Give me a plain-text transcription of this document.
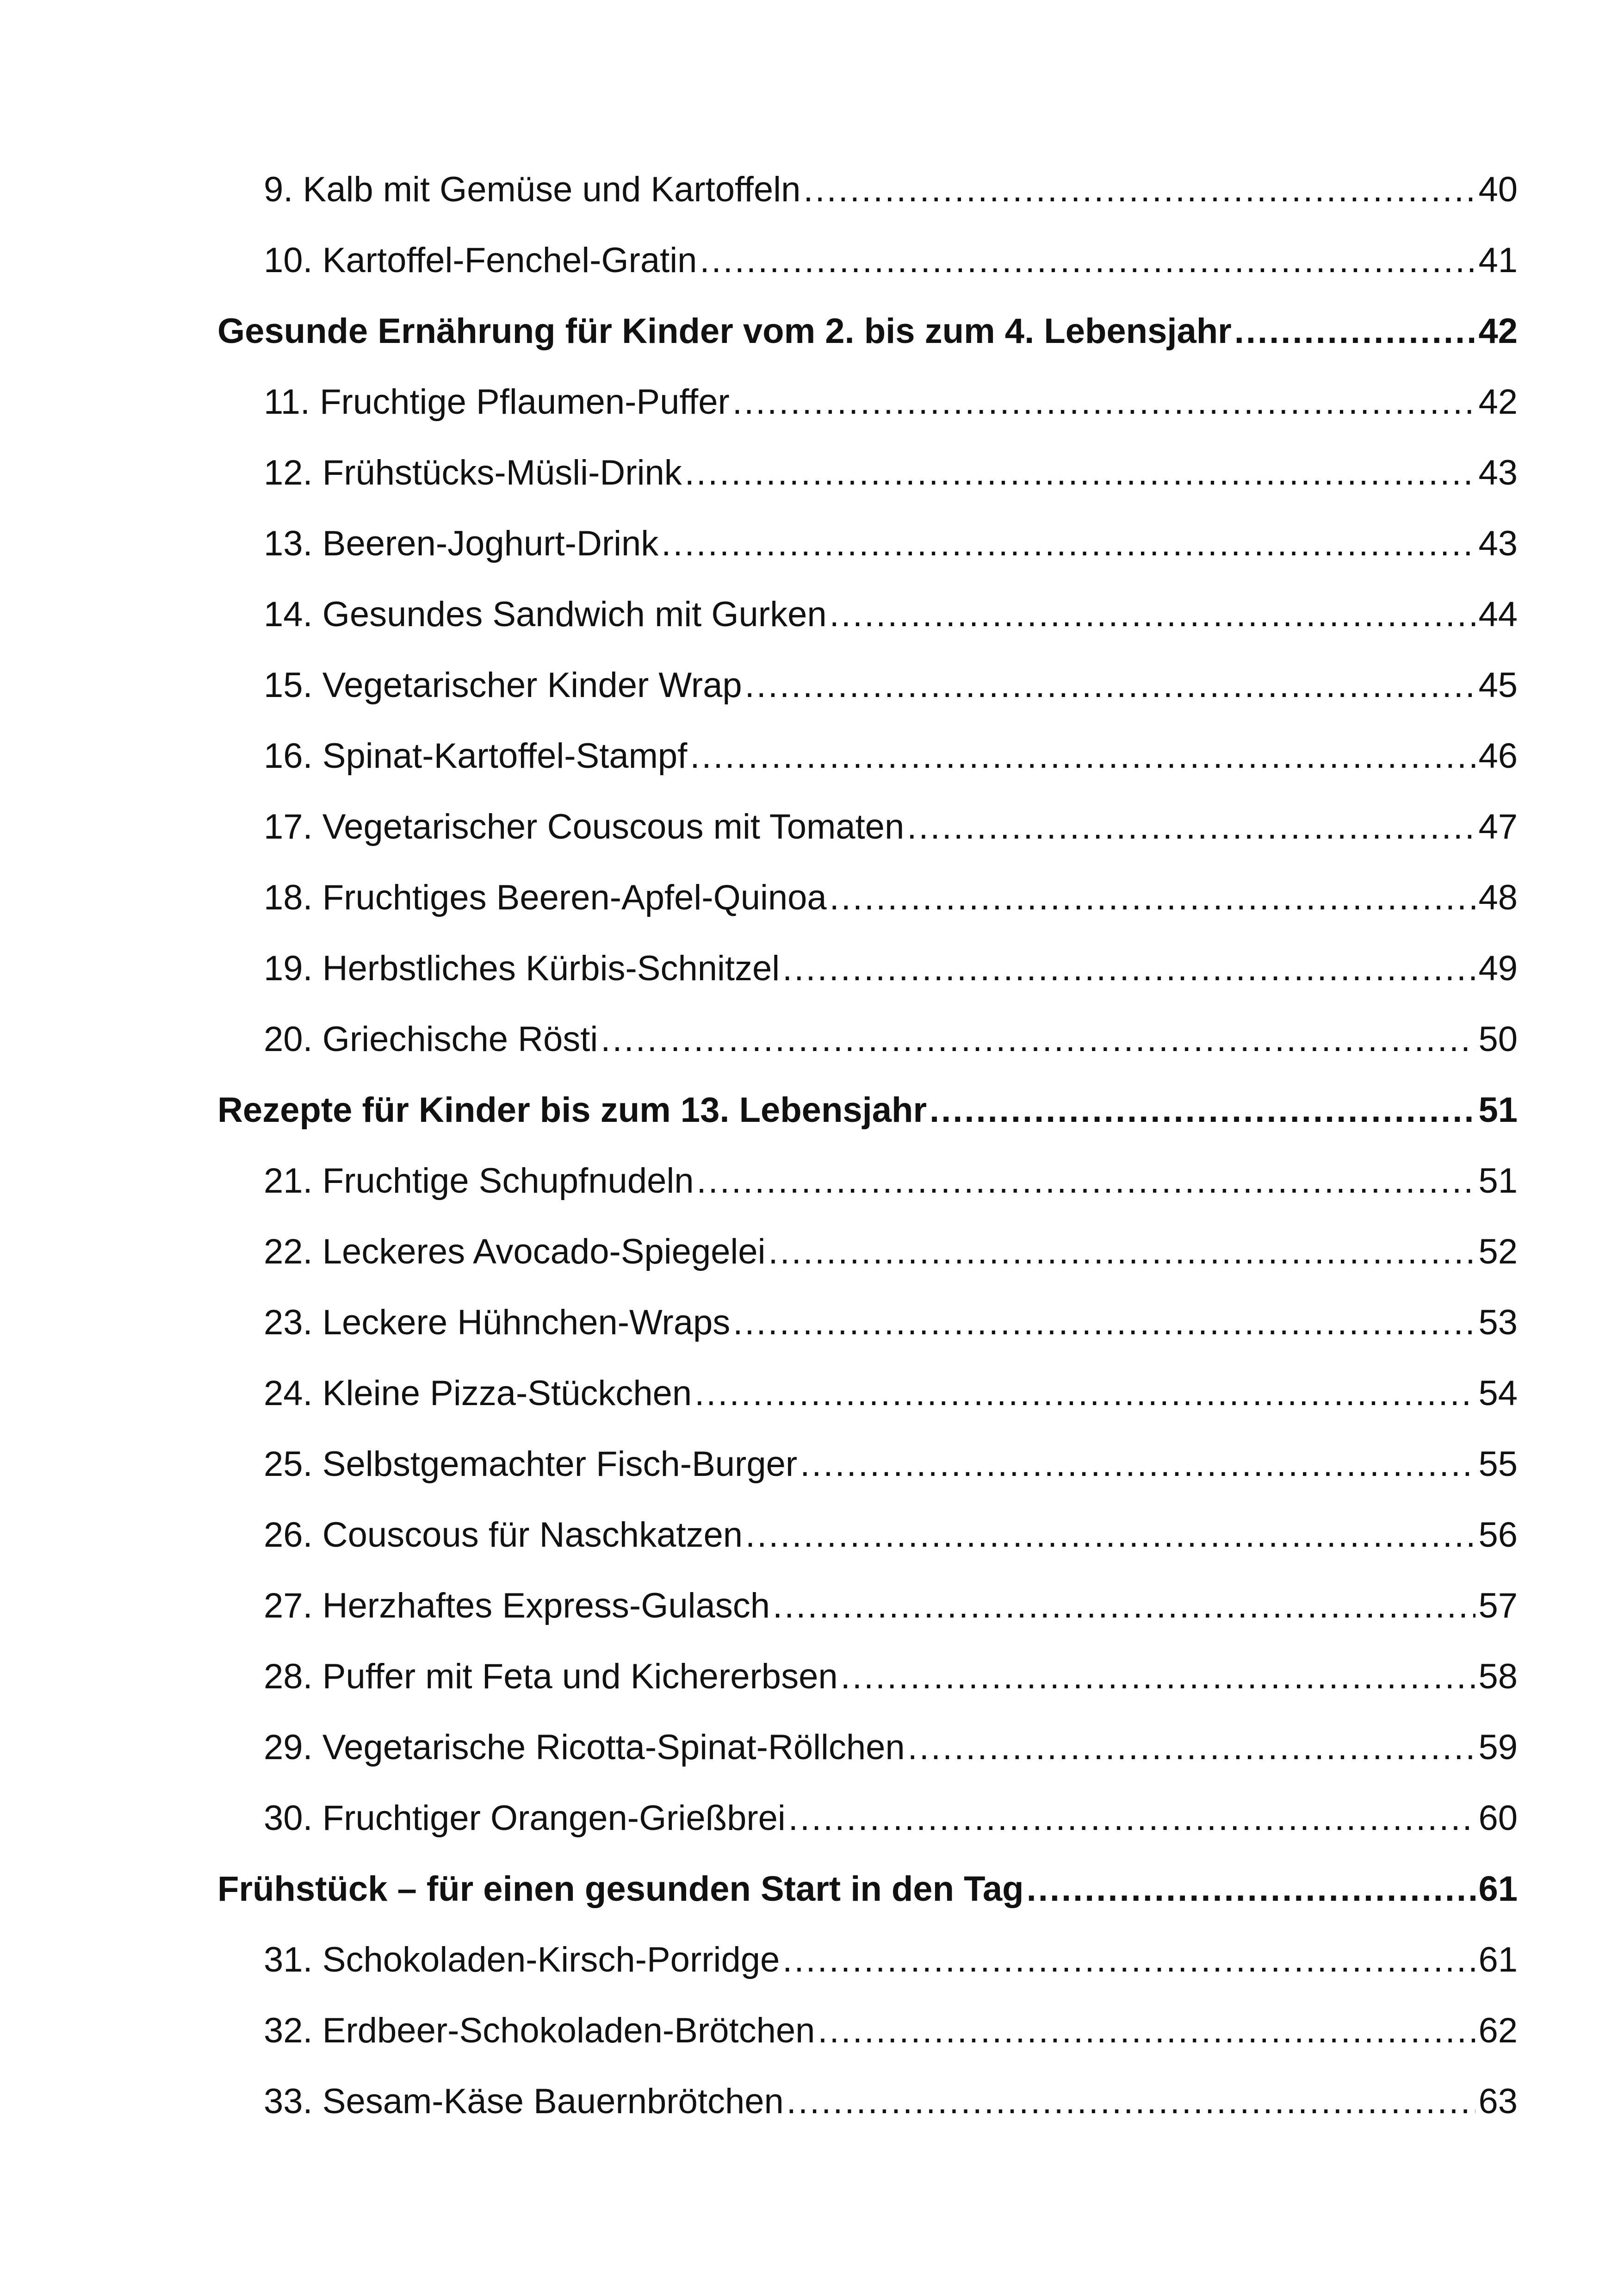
9. Kalb mit Gemüse und Kartoffeln .....	40
10. Kartoffel-Fenchel-Gratin .....	41
Gesunde Ernährung für Kinder vom 2. bis zum 4. Lebensjahr .....	42
11. Fruchtige Pflaumen-Puffer .....	42
12. Frühstücks-Müsli-Drink .....	43
13. Beeren-Joghurt-Drink .....	43
14. Gesundes Sandwich mit Gurken .....	44
15. Vegetarischer Kinder Wrap .....	45
16. Spinat-Kartoffel-Stampf .....	46
17. Vegetarischer Couscous mit Tomaten .....	47
18. Fruchtiges Beeren-Apfel-Quinoa .....	48
19. Herbstliches Kürbis-Schnitzel .....	49
20. Griechische Rösti .....	50
Rezepte für Kinder bis zum 13. Lebensjahr .....	51
21. Fruchtige Schupfnudeln .....	51
22. Leckeres Avocado-Spiegelei .....	52
23. Leckere Hühnchen-Wraps .....	53
24. Kleine Pizza-Stückchen .....	54
25. Selbstgemachter Fisch-Burger .....	55
26. Couscous für Naschkatzen .....	56
27. Herzhaftes Express-Gulasch .....	57
28. Puffer mit Feta und Kichererbsen .....	58
29. Vegetarische Ricotta-Spinat-Röllchen .....	59
30. Fruchtiger Orangen-Grießbrei .....	60
Frühstück – für einen gesunden Start in den Tag .....	61
31. Schokoladen-Kirsch-Porridge .....	61
32. Erdbeer-Schokoladen-Brötchen .....	62
33. Sesam-Käse Bauernbrötchen .....	63
